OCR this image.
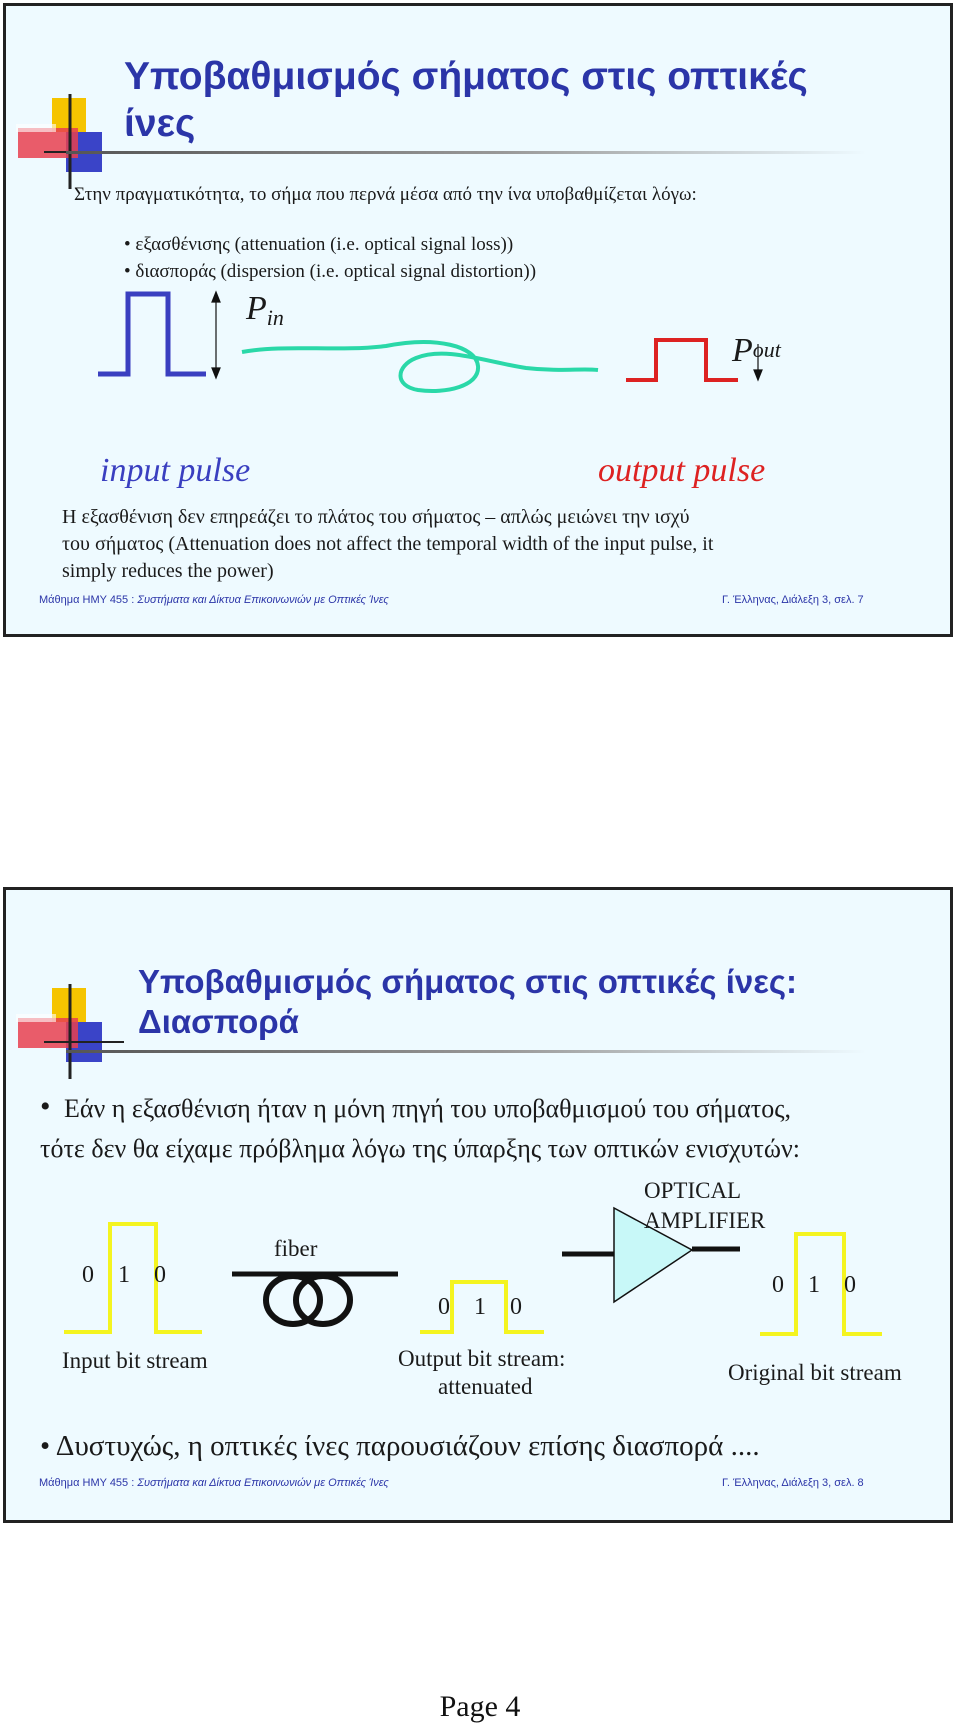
Υποβαθμισμός σήματος στις οπτικές
ίνες
Στην πραγματικότητα, το σήμα που περνά μέσα από την ίνα υποβαθμίζεται λόγω:
• εξασθένισης (attenuation (i.e. optical signal loss))
• διασποράς (dispersion (i.e. optical signal distortion))
$P_{in}$
$P_{out}$
input pulse	output pulse
Η εξασθένιση δεν επηρεάζει το πλάτος του σήματος – απλώς μειώνει την ισχύ
του σήματος (Attenuation does not affect the temporal width of the input pulse, it
simply reduces the power)
Μάθημα ΗΜΥ 455 : Συστήματα και Δίκτυα Επικοινωνιών με Οπτικές Ίνες	Γ. Έλληνας, Διάλεξη 3, σελ. 7
Υποβαθμισμός σήματος στις οπτικές ίνες:
Διασπορά
• Εάν η εξασθένιση ήταν η μόνη πηγή του υποβαθμισμού του σήματος,
τότε δεν θα είχαμε πρόβλημα λόγω της ύπαρξης των οπτικών ενισχυτών:
0    1    0
fiber
0    1    0
OPTICAL
AMPLIFIER
0    1    0
Input bit stream	Output bit stream:
attenuated
Original bit stream
• Δυστυχώς, η οπτικές ίνες παρουσιάζουν επίσης διασπορά ....
Μάθημα ΗΜΥ 455 : Συστήματα και Δίκτυα Επικοινωνιών με Οπτικές Ίνες	Γ. Έλληνας, Διάλεξη 3, σελ. 8
Page 4
